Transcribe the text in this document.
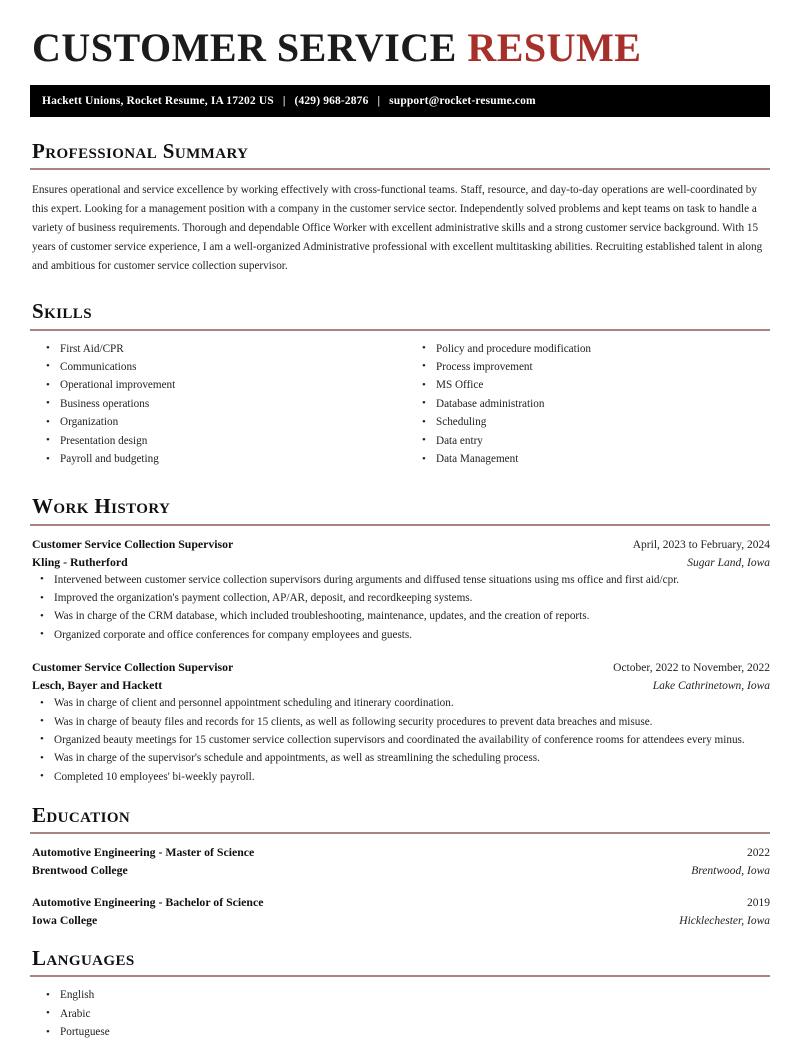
CUSTOMER SERVICE RESUME
Hackett Unions, Rocket Resume, IA 17202 US | (429) 968-2876 | support@rocket-resume.com
Professional Summary

Ensures operational and service excellence by working effectively with cross-functional teams. Staff, resource, and day-to-day operations are well-coordinated by this expert. Looking for a management position with a company in the customer service sector. Independently solved problems and kept teams on task to handle a variety of business requirements. Thorough and dependable Office Worker with excellent administrative skills and a strong customer service background. With 15 years of customer service experience, I am a well-organized Administrative professional with excellent multitasking abilities. Recruiting established talent in along and ambitious for customer service collection supervisor.

Skills
• First Aid/CPR
• Communications
• Operational improvement
• Business operations
• Organization
• Presentation design
• Payroll and budgeting
• Policy and procedure modification
• Process improvement
• MS Office
• Database administration
• Scheduling
• Data entry
• Data Management
Work History
Customer Service Collection Supervisor	April, 2023 to February, 2024
Kling - Rutherford	Sugar Land, Iowa
• Intervened between customer service collection supervisors during arguments and diffused tense situations using ms office and first aid/cpr.
• Improved the organization's payment collection, AP/AR, deposit, and recordkeeping systems.
• Was in charge of the CRM database, which included troubleshooting, maintenance, updates, and the creation of reports.
• Organized corporate and office conferences for company employees and guests.
Customer Service Collection Supervisor	October, 2022 to November, 2022
Lesch, Bayer and Hackett	Lake Cathrinetown, Iowa
• Was in charge of client and personnel appointment scheduling and itinerary coordination.
• Was in charge of beauty files and records for 15 clients, as well as following security procedures to prevent data breaches and misuse.
• Organized beauty meetings for 15 customer service collection supervisors and coordinated the availability of conference rooms for attendees every minus.
• Was in charge of the supervisor's schedule and appointments, as well as streamlining the scheduling process.
• Completed 10 employees' bi-weekly payroll.
Education
Automotive Engineering - Master of Science	2022
Brentwood College	Brentwood, Iowa
Automotive Engineering - Bachelor of Science	2019
Iowa College	Hicklechester, Iowa
Languages
• English
• Arabic
• Portuguese
